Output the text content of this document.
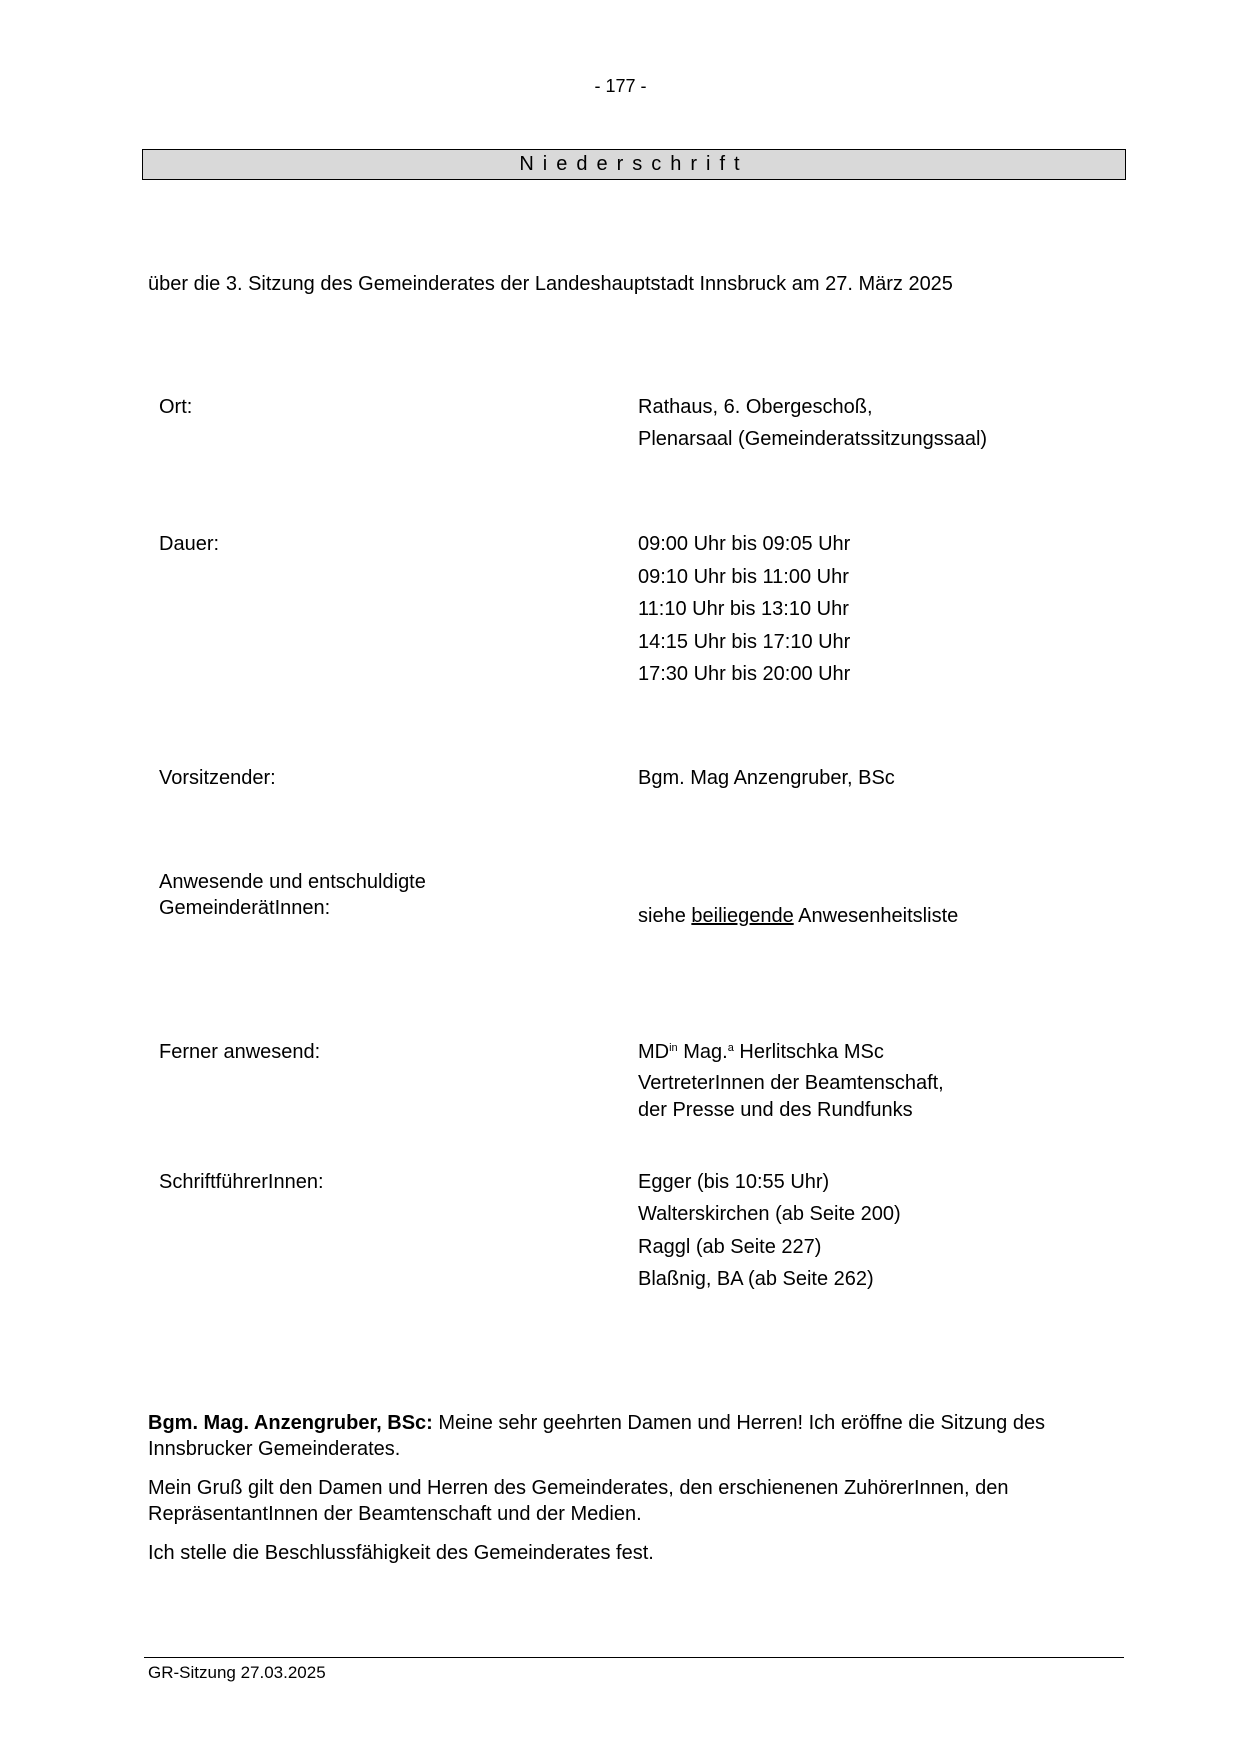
- 177 -
Niederschrift
über die 3. Sitzung des Gemeinderates der Landeshauptstadt Innsbruck am 27. März 2025
Ort:	Rathaus, 6. Obergeschoß,
Plenarsaal (Gemeinderatssitzungssaal)
Dauer:	09:00 Uhr bis 09:05 Uhr
09:10 Uhr bis 11:00 Uhr
11:10 Uhr bis 13:10 Uhr
14:15 Uhr bis 17:10 Uhr
17:30 Uhr bis 20:00 Uhr
Vorsitzender:	Bgm. Mag Anzengruber, BSc
Anwesende und entschuldigte
GemeinderätInnen:	siehe beiliegende Anwesenheitsliste
Ferner anwesend:	$MD^{in}$ Mag.$^a$ Herlitschka MSc
VertreterInnen der Beamtenschaft,
der Presse und des Rundfunks
SchriftführerInnen:	Egger (bis 10:55 Uhr)
Walterskirchen (ab Seite 200)
Raggl (ab Seite 227)
Blaßnig, BA (ab Seite 262)
Bgm. Mag. Anzengruber, BSc: Meine sehr geehrten Damen und Herren! Ich eröffne die Sitzung des Innsbrucker Gemeinderates.
Mein Gruß gilt den Damen und Herren des Gemeinderates, den erschienenen ZuhörerInnen, den RepräsentantInnen der Beamtenschaft und der Medien.
Ich stelle die Beschlussfähigkeit des Gemeinderates fest.
GR-Sitzung 27.03.2025
